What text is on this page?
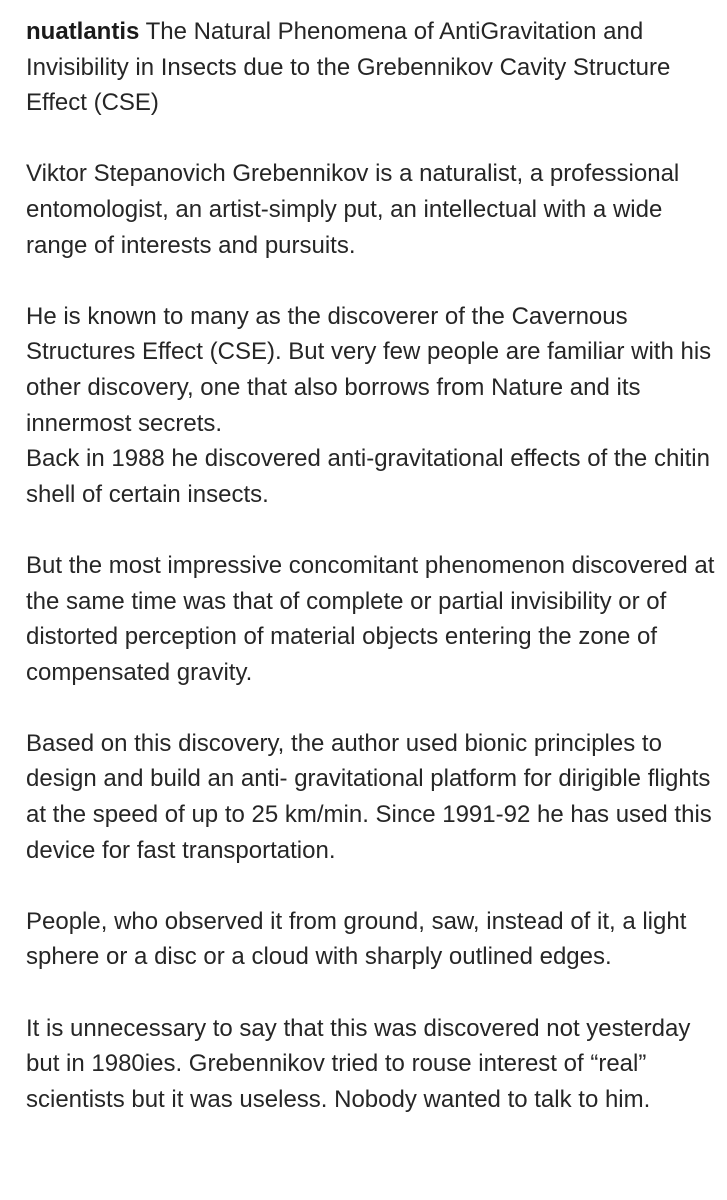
nuatlantis The Natural Phenomena of AntiGravitation and Invisibility in Insects due to the Grebennikov Cavity Structure Effect (CSE)

Viktor Stepanovich Grebennikov is a naturalist, a professional entomologist, an artist-simply put, an intellectual with a wide range of interests and pursuits.

He is known to many as the discoverer of the Cavernous Structures Effect (CSE). But very few people are familiar with his other discovery, one that also borrows from Nature and its innermost secrets.
Back in 1988 he discovered anti-gravitational effects of the chitin shell of certain insects.

But the most impressive concomitant phenomenon discovered at the same time was that of complete or partial invisibility or of distorted perception of material objects entering the zone of compensated gravity.

Based on this discovery, the author used bionic principles to design and build an anti- gravitational platform for dirigible flights at the speed of up to 25 km/min. Since 1991-92 he has used this device for fast transportation.

People, who observed it from ground, saw, instead of it, a light sphere or a disc or a cloud with sharply outlined edges.

It is unnecessary to say that this was discovered not yesterday but in 1980ies. Grebennikov tried to rouse interest of “real” scientists but it was useless. Nobody wanted to talk to him.
